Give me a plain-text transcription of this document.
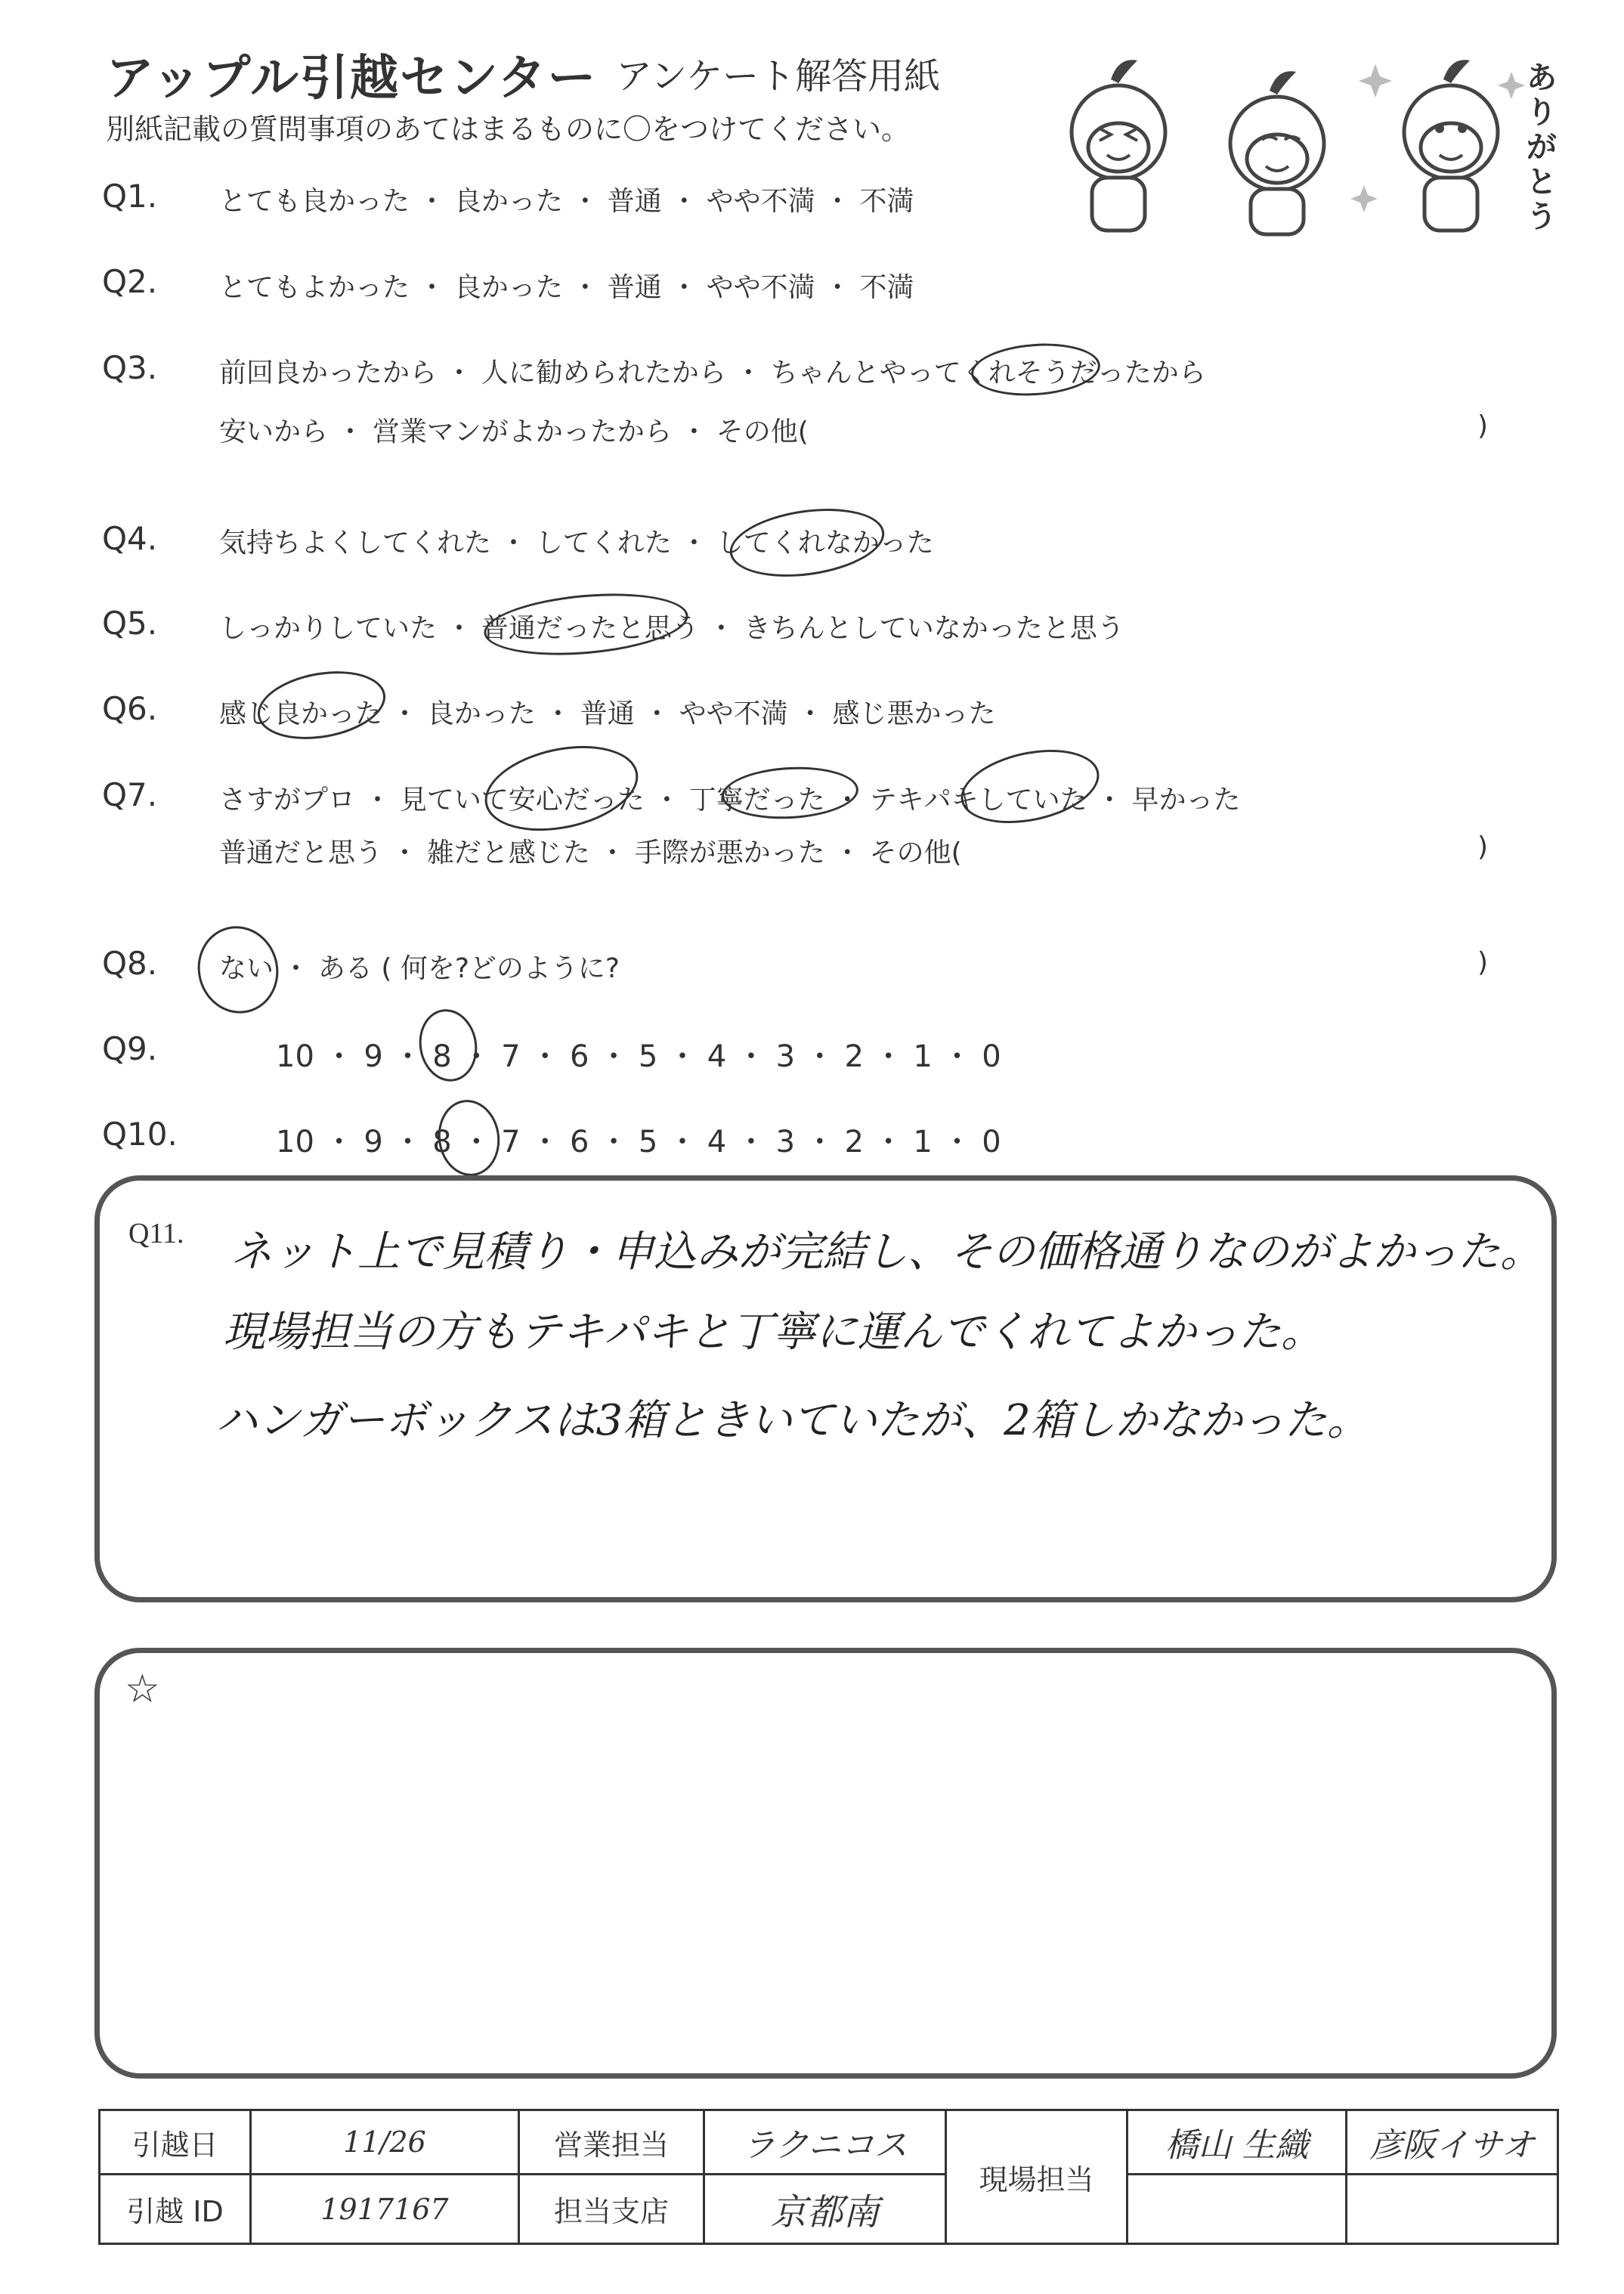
アップル引越センター アンケート解答用紙
別紙記載の質問事項のあてはまるものに〇をつけてください。
ありがとう
Q1. とても良かった ・ 良かった ・ 普通 ・ やや不満 ・ 不満
Q2. とてもよかった ・ 良かった ・ 普通 ・ やや不満 ・ 不満
Q3. 前回良かったから ・ 人に勧められたから ・ ちゃんとやってくれそうだったから
安いから ・ 営業マンがよかったから ・ その他(	)
Q4. 気持ちよくしてくれた ・ してくれた ・ してくれなかった
Q5. しっかりしていた ・ 普通だったと思う ・ きちんとしていなかったと思う
Q6. 感じ良かった ・ 良かった ・ 普通 ・ やや不満 ・ 感じ悪かった
Q7. さすがプロ ・ 見ていて安心だった ・ 丁寧だった ・ テキパキしていた ・ 早かった
普通だと思う ・ 雑だと感じた ・ 手際が悪かった ・ その他(	)
Q8. ない ・ ある ( 何を?どのように?	)
Q9.	10 ・ 9 ・ 8 ・ 7 ・ 6 ・ 5 ・ 4 ・ 3 ・ 2 ・ 1 ・ 0
Q10.	10 ・ 9 ・ 8 ・ 7 ・ 6 ・ 5 ・ 4 ・ 3 ・ 2 ・ 1 ・ 0
Q11. ネット上で見積り・申込みが完結し、その価格通りなのがよかった。
現場担当の方もテキパキと丁寧に運んでくれてよかった。
ハンガーボックスは3箱ときいていたが、2箱しかなかった。
☆
引越日	11/26	営業担当	ラクニコス	現場担当	橋山 生織	彦阪イサオ
引越 ID	1917167	担当支店	京都南			
